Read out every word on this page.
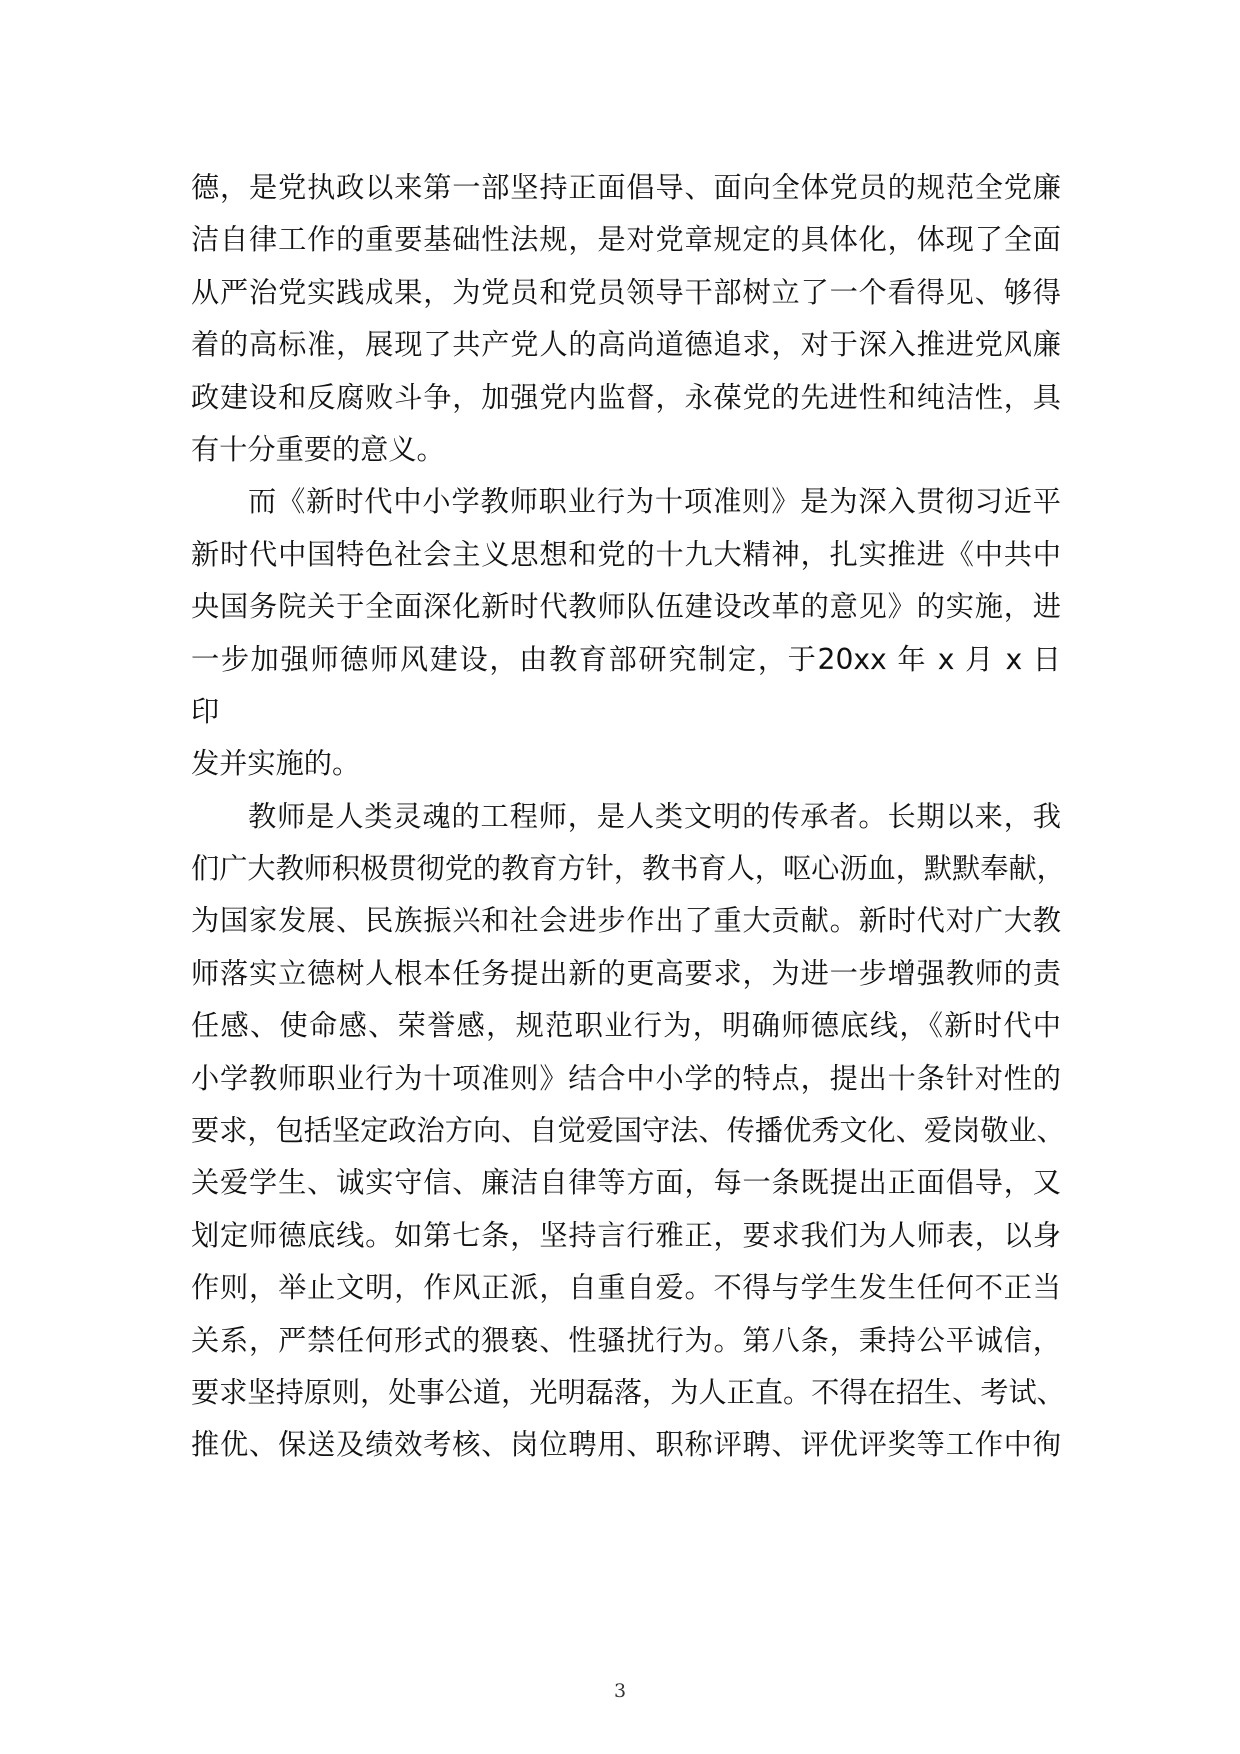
德，是党执政以来第一部坚持正面倡导、面向全体党员的规范全党廉
洁自律工作的重要基础性法规，是对党章规定的具体化，体现了全面
从严治党实践成果，为党员和党员领导干部树立了一个看得见、够得
着的高标准，展现了共产党人的高尚道德追求，对于深入推进党风廉
政建设和反腐败斗争，加强党内监督，永葆党的先进性和纯洁性，具
有十分重要的意义。
而《新时代中小学教师职业行为十项准则》是为深入贯彻习近平
新时代中国特色社会主义思想和党的十九大精神，扎实推进《中共中
央国务院关于全面深化新时代教师队伍建设改革的意见》的实施，进
一步加强师德师风建设，由教育部研究制定，于20xx 年 x 月 x 日
印
发并实施的。
教师是人类灵魂的工程师，是人类文明的传承者。长期以来，我
们广大教师积极贯彻党的教育方针，教书育人，呕心沥血，默默奉献，
为国家发展、民族振兴和社会进步作出了重大贡献。新时代对广大教
师落实立德树人根本任务提出新的更高要求，为进一步增强教师的责
任感、使命感、荣誉感，规范职业行为，明确师德底线，《新时代中
小学教师职业行为十项准则》结合中小学的特点，提出十条针对性的
要求，包括坚定政治方向、自觉爱国守法、传播优秀文化、爱岗敬业、
关爱学生、诚实守信、廉洁自律等方面，每一条既提出正面倡导，又
划定师德底线。如第七条，坚持言行雅正，要求我们为人师表，以身
作则，举止文明，作风正派，自重自爱。不得与学生发生任何不正当
关系，严禁任何形式的猥亵、性骚扰行为。第八条，秉持公平诚信，
要求坚持原则，处事公道，光明磊落，为人正直。不得在招生、考试、
推优、保送及绩效考核、岗位聘用、职称评聘、评优评奖等工作中徇
3
